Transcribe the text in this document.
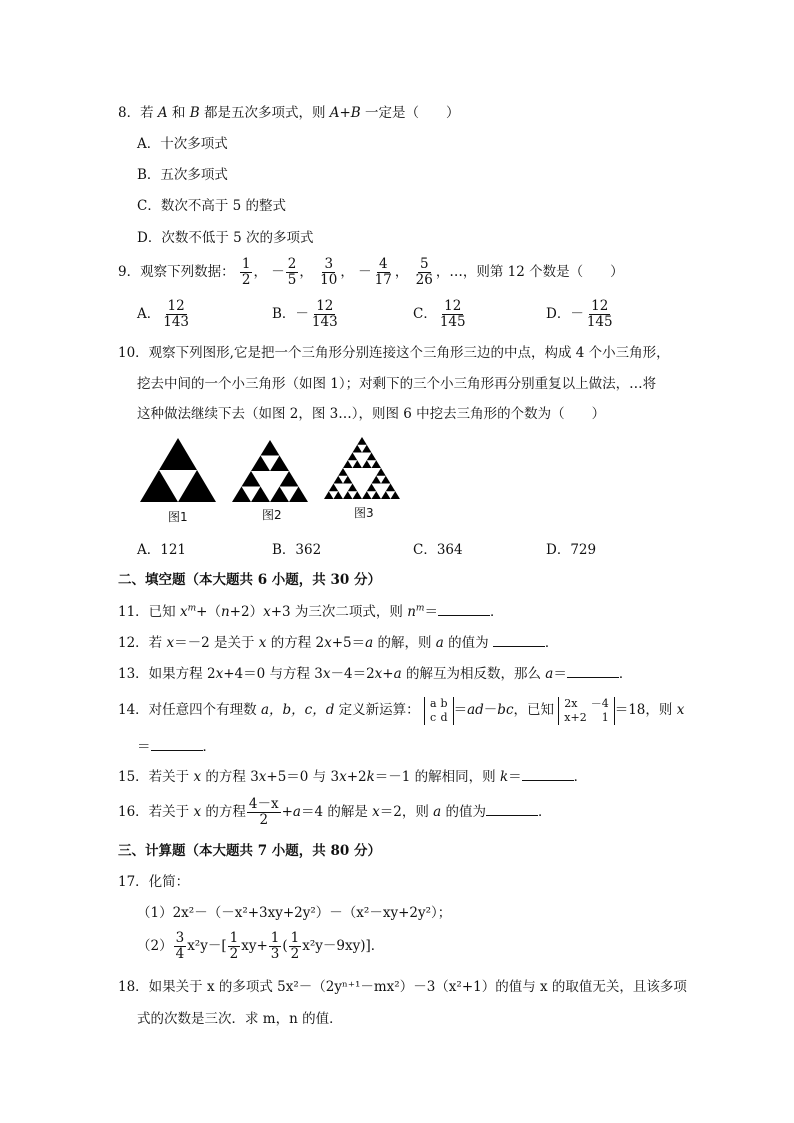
8．若 A 和 B 都是五次多项式，则 A+B 一定是（　　）
A．十次多项式
B．五次多项式
C．数次不高于 5 的整式
D．次数不低于 5 次的多项式
9．观察下列数据： $\frac{1}{2}$ ， － $\frac{2}{5}$ ， $\frac{3}{10}$ ， － $\frac{4}{17}$ ， $\frac{5}{26}$ ，…，则第 12 个数是（　　）
A． $\frac{12}{143}$	B．－ $\frac{12}{143}$	C． $\frac{12}{145}$	D．－ $\frac{12}{145}$
10．观察下列图形,它是把一个三角形分别连接这个三角形三边的中点，构成 4 个小三角形，
挖去中间的一个小三角形（如图 1）；对剩下的三个小三角形再分别重复以上做法，…将
这种做法继续下去（如图 2，图 3…），则图 6 中挖去三角形的个数为（　　）
图1	图2	图3
A．121	B．362	C．364	D．729
二、填空题（本大题共 6 小题，共 30 分）
11．已知 $x^m+(n+2)x+3$ 为三次二项式，则 $n^m=$	．
12．若 x＝－2 是关于 x 的方程 2x+5＝a 的解，则 a 的值为	．
13．如果方程 2x+4＝0 与方程 3x－4＝2x+a 的解互为相反数，那么 a＝	．
14．对任意四个有理数 a，b，c，d 定义新运算： a	b
c	d ＝ad－bc，已知 2x	－4
x+2	1 ＝18，则 x
＝	．
15．若关于 x 的方程 3x+5＝0 与 3x+2k＝－1 的解相同，则 k＝	．
16．若关于 x 的方程 $\frac{4-x}{2} +a=4$ 的解是 x＝2，则 a 的值为	．
三、计算题（本大题共 7 小题，共 80 分）
17．化简：
（1）2x²－（－x²+3xy+2y²）－（x²－xy+2y²）；
$(2) \frac{3}{4} x^2y-[ \frac{1}{2} xy+ \frac{1}{3}$ ( $\frac{1}{2} x^2y-9xy$)]．
18．如果关于 x 的多项式 5x²－（2yⁿ⁺¹－mx²）－3（x²+1）的值与 x 的取值无关，且该多项
式的次数是三次．求 m，n 的值．
